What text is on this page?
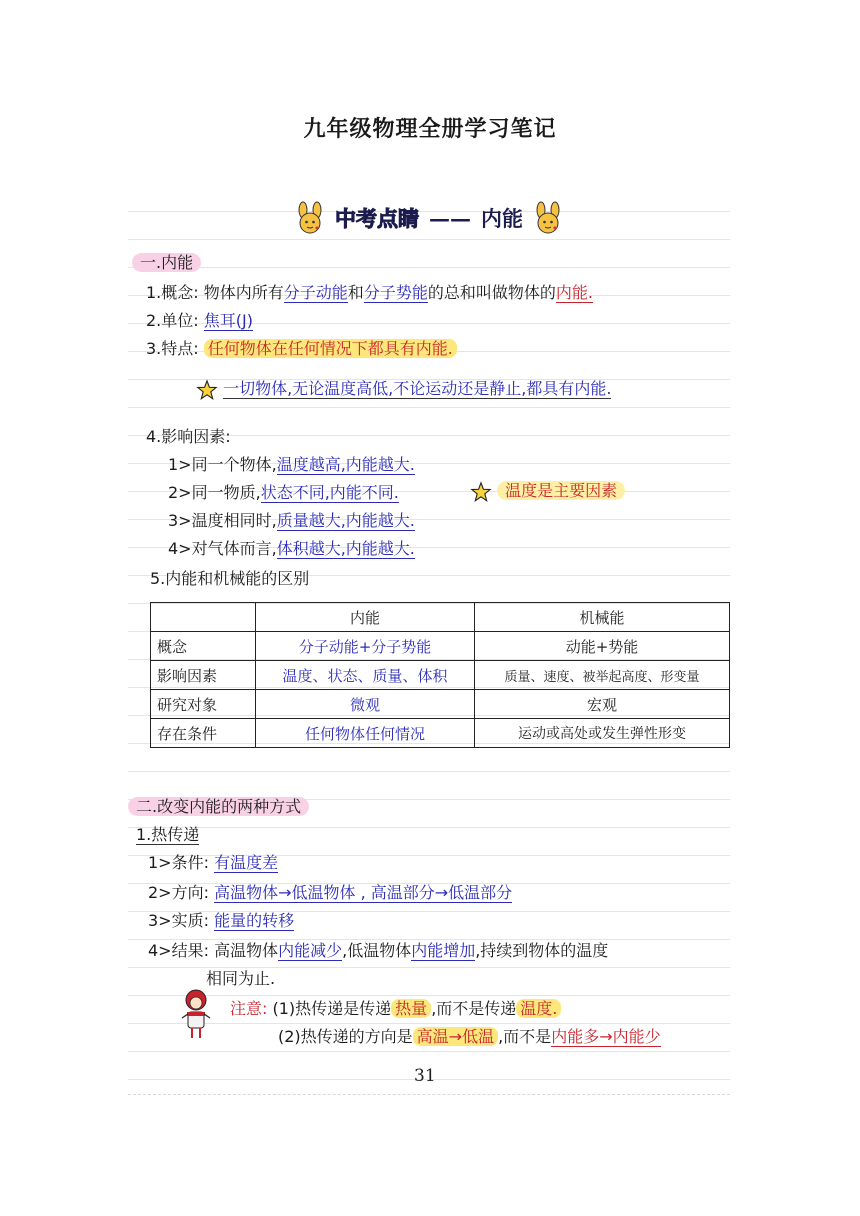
九年级物理全册学习笔记
中考点睛 —— 内能
一.内能
1.概念: 物体内所有分子动能和分子势能的总和叫做物体的内能.
2.单位: 焦耳(J)
3.特点: 任何物体在任何情况下都具有内能.
一切物体,无论温度高低,不论运动还是静止,都具有内能.
4.影响因素:
1>同一个物体,温度越高,内能越大.
2>同一物质,状态不同,内能不同.	温度是主要因素
3>温度相同时,质量越大,内能越大.
4>对气体而言,体积越大,内能越大.
5.内能和机械能的区别
	内能	机械能
概念	分子动能+分子势能	动能+势能
影响因素	温度、状态、质量、体积	质量、速度、被举起高度、形变量
研究对象	微观	宏观
存在条件	任何物体任何情况	运动或高处或发生弹性形变
二.改变内能的两种方式
1.热传递
1>条件: 有温度差
2>方向: 高温物体→低温物体 , 高温部分→低温部分
3>实质: 能量的转移
4>结果: 高温物体内能减少,低温物体内能增加,持续到物体的温度
相同为止.
注意: (1)热传递是传递 热量 ,而不是传递 温度.
(2)热传递的方向是 高温→低温 ,而不是内能多→内能少
31
